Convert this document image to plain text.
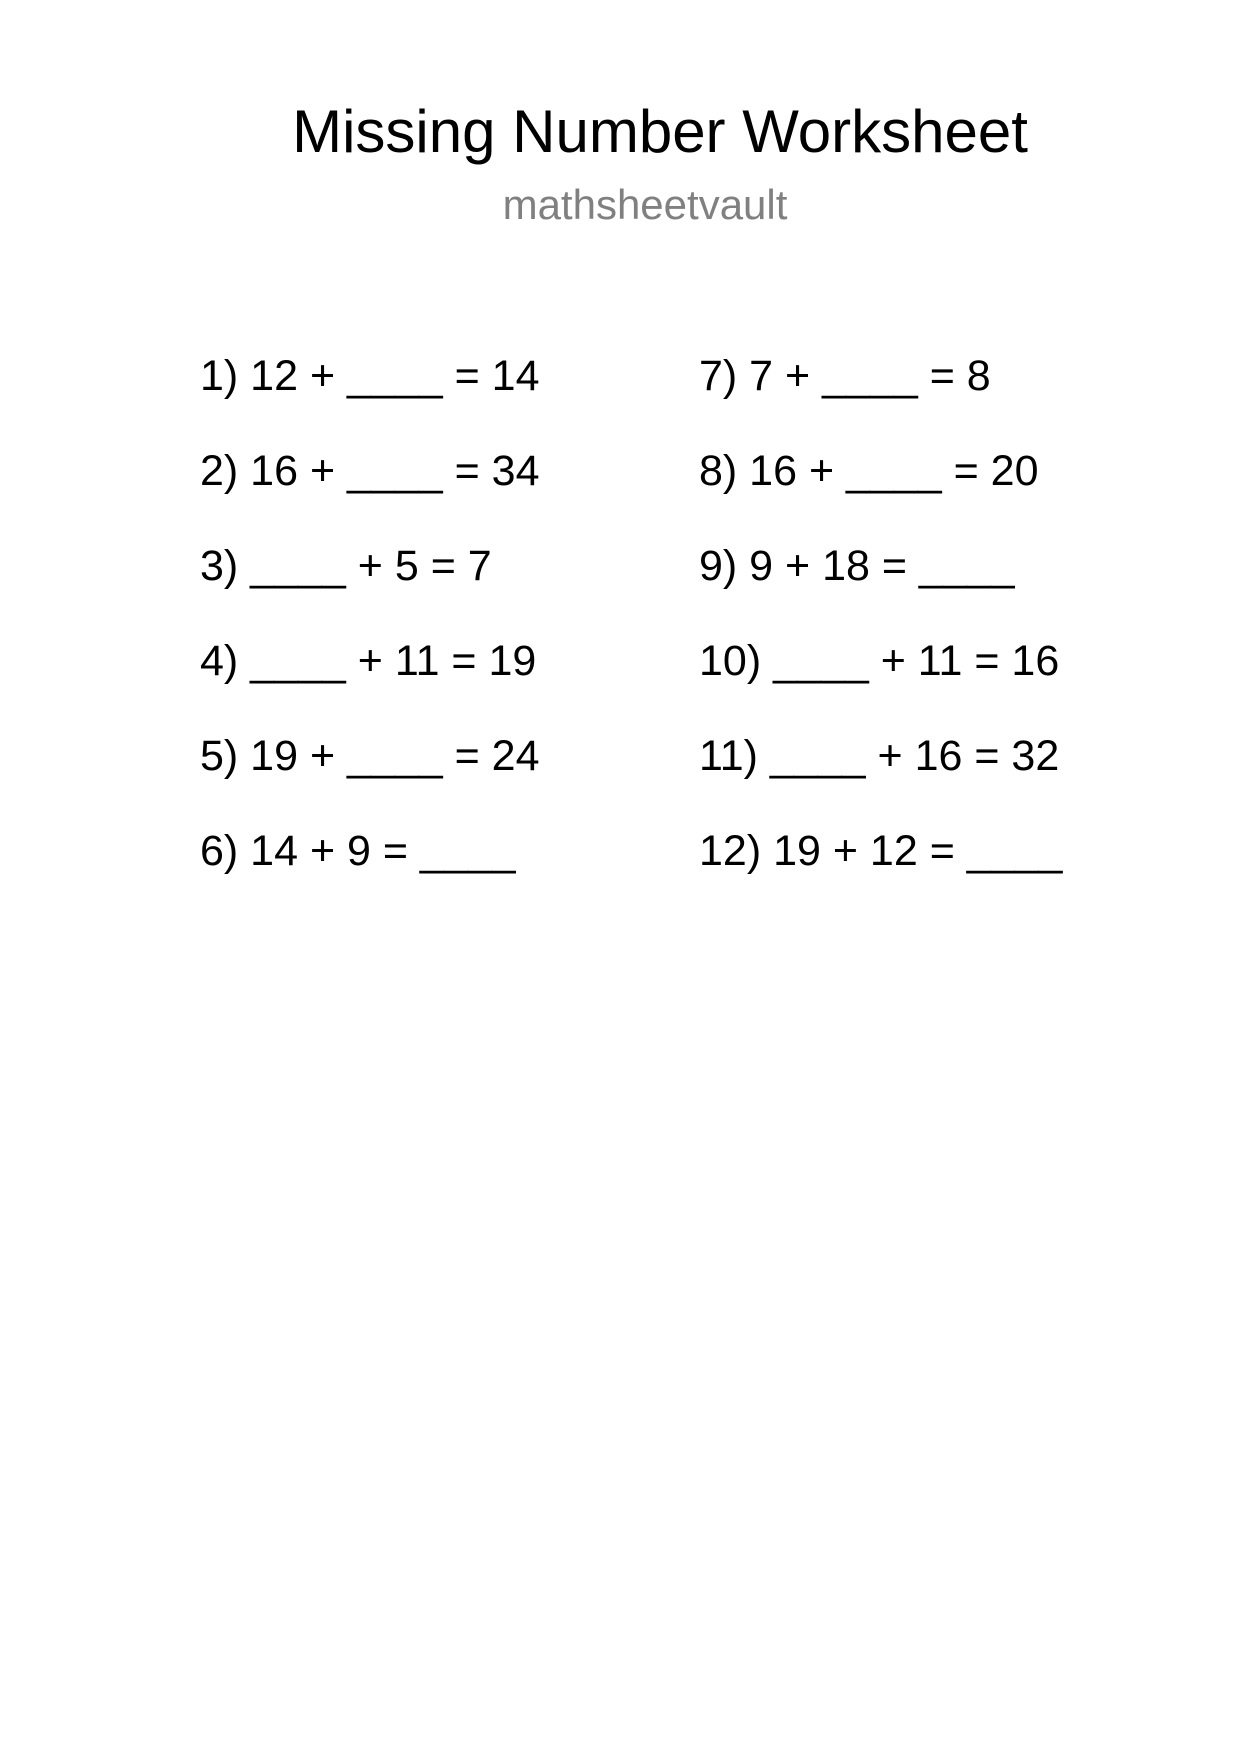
Missing Number Worksheet
mathsheetvault
1) 12 + ____ = 14
2) 16 + ____ = 34
3) ____ + 5 = 7
4) ____ + 11 = 19
5) 19 + ____ = 24
6) 14 + 9 = ____
7) 7 + ____ = 8
8) 16 + ____ = 20
9) 9 + 18 = ____
10) ____ + 11 = 16
11) ____ + 16 = 32
12) 19 + 12 = ____
